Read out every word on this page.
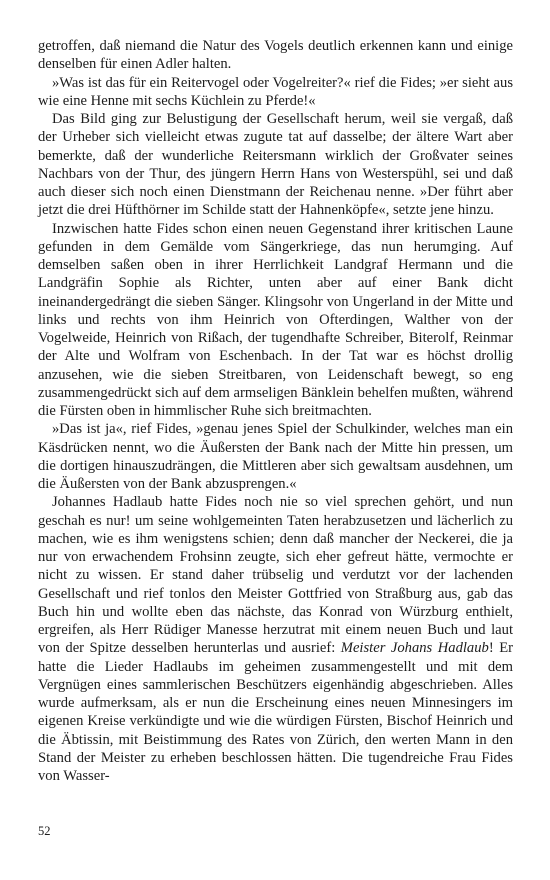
getroffen, daß niemand die Natur des Vogels deutlich erkennen kann und einige denselben für einen Adler halten.

»Was ist das für ein Reitervogel oder Vogelreiter?« rief die Fides; »er sieht aus wie eine Henne mit sechs Küchlein zu Pferde!«

Das Bild ging zur Belustigung der Gesellschaft herum, weil sie vergaß, daß der Urheber sich vielleicht etwas zugute tat auf dasselbe; der ältere Wart aber bemerkte, daß der wunderliche Reitersmann wirklich der Großvater seines Nachbars von der Thur, des jüngern Herrn Hans von Westerspühl, sei und daß auch dieser sich noch einen Dienstmann der Reichenau nenne. »Der führt aber jetzt die drei Hüfthörner im Schilde statt der Hahnenköpfe«, setzte jene hinzu.

Inzwischen hatte Fides schon einen neuen Gegenstand ihrer kritischen Laune gefunden in dem Gemälde vom Sängerkriege, das nun herumging. Auf demselben saßen oben in ihrer Herrlichkeit Landgraf Hermann und die Landgräfin Sophie als Richter, unten aber auf einer Bank dicht ineinandergedrängt die sieben Sänger. Klingsohr von Ungerland in der Mitte und links und rechts von ihm Heinrich von Ofterdingen, Walther von der Vogelweide, Heinrich von Rißach, der tugendhafte Schreiber, Biterolf, Reinmar der Alte und Wolfram von Eschenbach. In der Tat war es höchst drollig anzusehen, wie die sieben Streitbaren, von Leidenschaft bewegt, so eng zusammengedrückt sich auf dem armseligen Bänklein behelfen mußten, während die Fürsten oben in himmlischer Ruhe sich breitmachten.

»Das ist ja«, rief Fides, »genau jenes Spiel der Schulkinder, welches man ein Käsdrücken nennt, wo die Äußersten der Bank nach der Mitte hin pressen, um die dortigen hinauszudrängen, die Mittleren aber sich gewaltsam ausdehnen, um die Äußersten von der Bank abzusprengen.«

Johannes Hadlaub hatte Fides noch nie so viel sprechen gehört, und nun geschah es nur! um seine wohlgemeinten Taten herabzusetzen und lächerlich zu machen, wie es ihm wenigstens schien; denn daß mancher der Neckerei, die ja nur von erwachendem Frohsinn zeugte, sich eher gefreut hätte, vermochte er nicht zu wissen. Er stand daher trübselig und verdutzt vor der lachenden Gesellschaft und rief tonlos den Meister Gottfried von Straßburg aus, gab das Buch hin und wollte eben das nächste, das Konrad von Würzburg enthielt, ergreifen, als Herr Rüdiger Manesse herzutrat mit einem neuen Buch und laut von der Spitze desselben herunterlas und ausrief: Meister Johans Hadlaub! Er hatte die Lieder Hadlaubs im geheimen zusammengestellt und mit dem Vergnügen eines sammlerischen Beschützers eigenhändig abgeschrieben. Alles wurde aufmerksam, als er nun die Erscheinung eines neuen Minnesingers im eigenen Kreise verkündigte und wie die würdigen Fürsten, Bischof Heinrich und die Äbtissin, mit Beistimmung des Rates von Zürich, den werten Mann in den Stand der Meister zu erheben beschlossen hätten. Die tugendreiche Frau Fides von Wasser-

52
